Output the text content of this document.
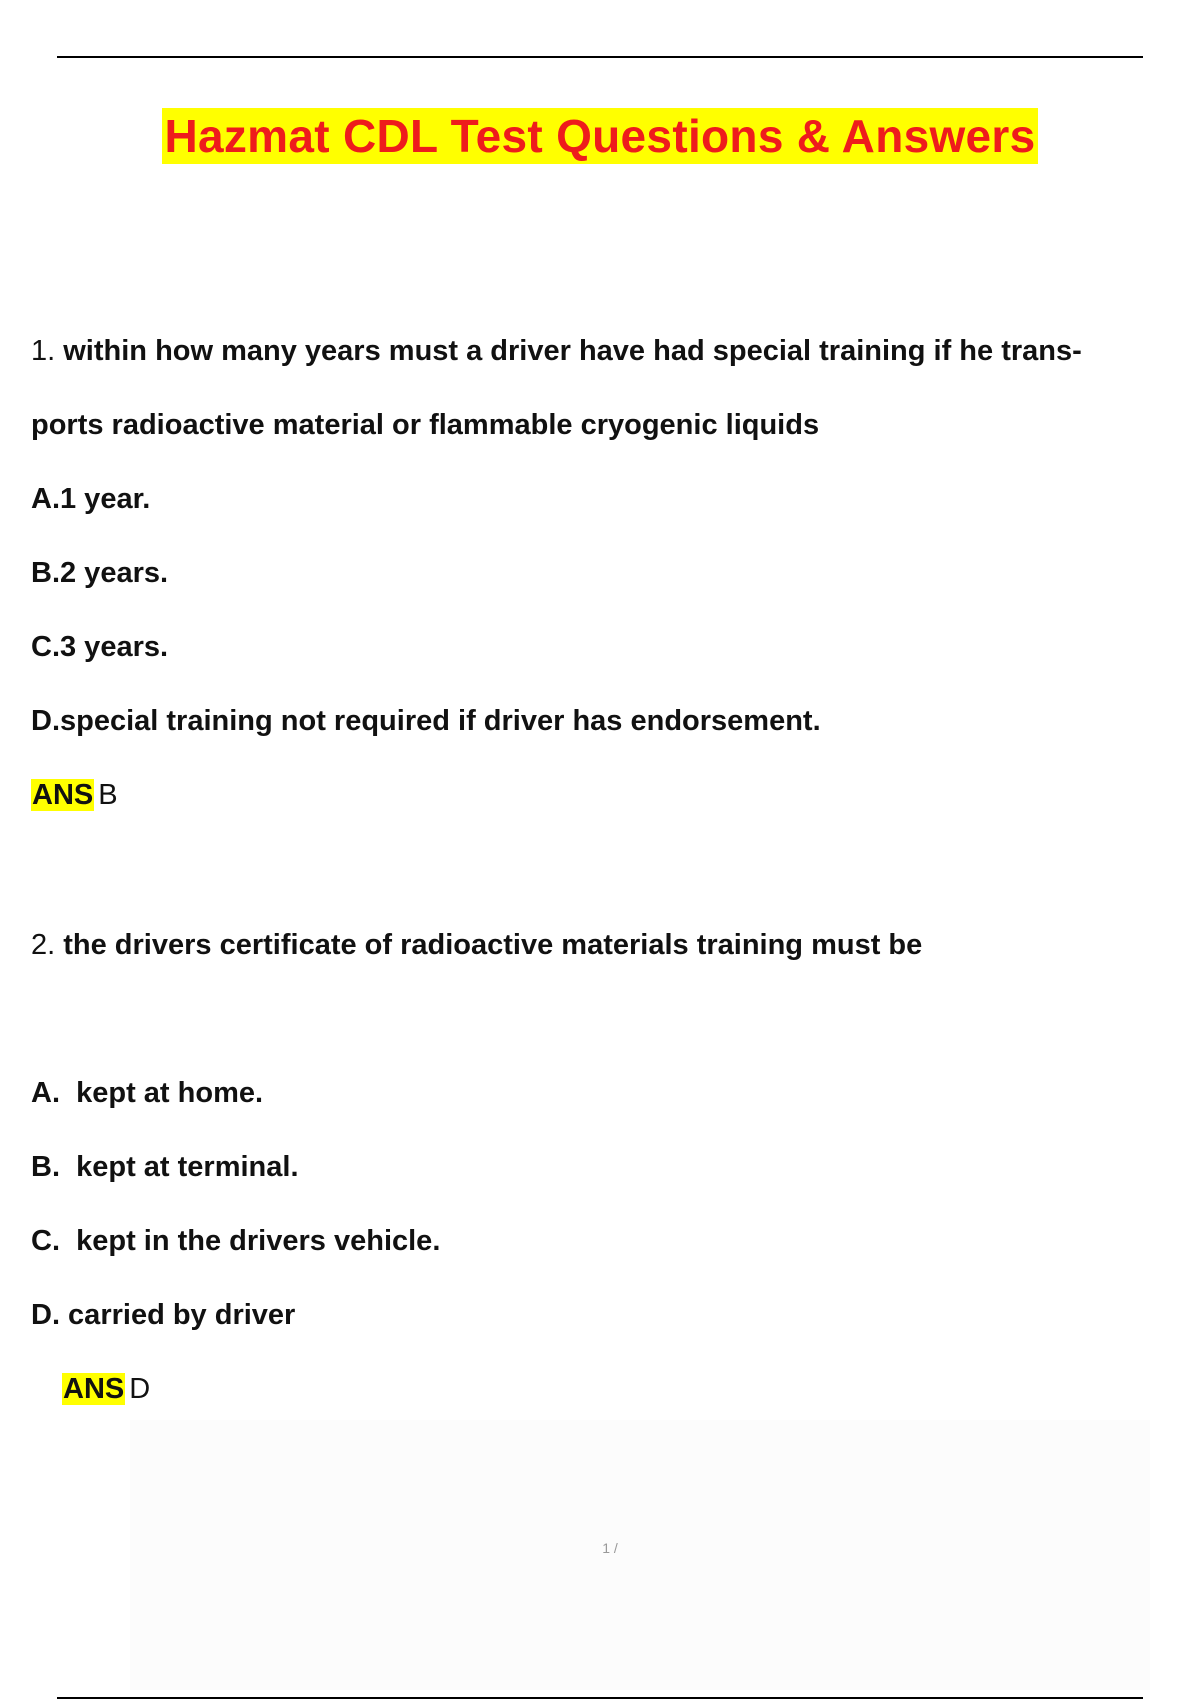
Hazmat CDL Test Questions & Answers
1. within how many years must a driver have had special training if he trans-
ports radioactive material or flammable cryogenic liquids
A.1 year.
B.2 years.
C.3 years.
D.special training not required if driver has endorsement.
ANS B
2. the drivers certificate of radioactive materials training must be
A.  kept at home.
B.  kept at terminal.
C.  kept in the drivers vehicle.
D. carried by driver
ANS D
1 /
